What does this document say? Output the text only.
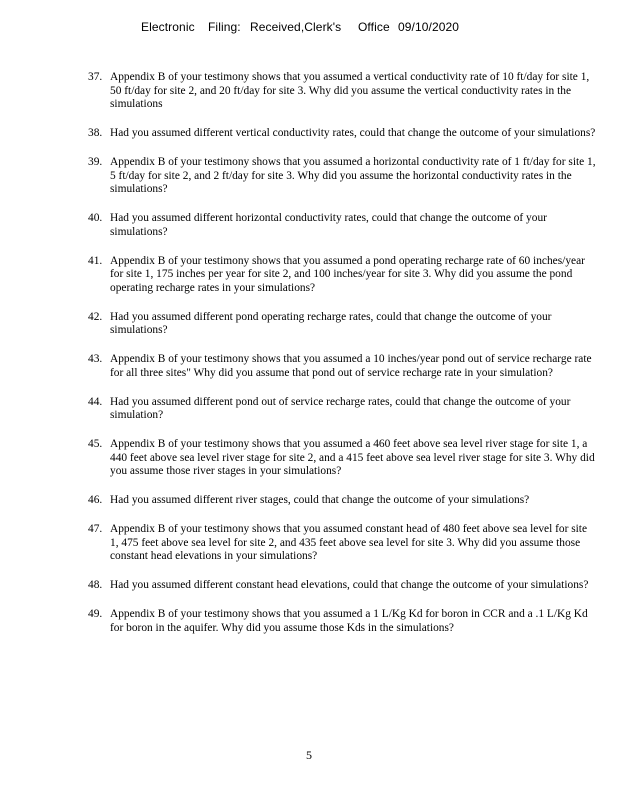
Electronic Filing: Received,Clerk's Office 09/10/2020
37. Appendix B of your testimony shows that you assumed a vertical conductivity rate of 10 ft/day for site 1, 50 ft/day for site 2, and 20 ft/day for site 3. Why did you assume the vertical conductivity rates in the simulations
38. Had you assumed different vertical conductivity rates, could that change the outcome of your simulations?
39. Appendix B of your testimony shows that you assumed a horizontal conductivity rate of 1 ft/day for site 1, 5 ft/day for site 2, and 2 ft/day for site 3. Why did you assume the horizontal conductivity rates in the simulations?
40. Had you assumed different horizontal conductivity rates, could that change the outcome of your simulations?
41. Appendix B of your testimony shows that you assumed a pond operating recharge rate of 60 inches/year for site 1, 175 inches per year for site 2, and 100 inches/year for site 3. Why did you assume the pond operating recharge rates in your simulations?
42. Had you assumed different pond operating recharge rates, could that change the outcome of your simulations?
43. Appendix B of your testimony shows that you assumed a 10 inches/year pond out of service recharge rate for all three sites" Why did you assume that pond out of service recharge rate in your simulation?
44. Had you assumed different pond out of service recharge rates, could that change the outcome of your simulation?
45. Appendix B of your testimony shows that you assumed a 460 feet above sea level river stage for site 1, a 440 feet above sea level river stage for site 2, and a 415 feet above sea level river stage for site 3. Why did you assume those river stages in your simulations?
46. Had you assumed different river stages, could that change the outcome of your simulations?
47. Appendix B of your testimony shows that you assumed constant head of 480 feet above sea level for site 1, 475 feet above sea level for site 2, and 435 feet above sea level for site 3. Why did you assume those constant head elevations in your simulations?
48. Had you assumed different constant head elevations, could that change the outcome of your simulations?
49. Appendix B of your testimony shows that you assumed a 1 L/Kg Kd for boron in CCR and a .1 L/Kg Kd for boron in the aquifer. Why did you assume those Kds in the simulations?
5
